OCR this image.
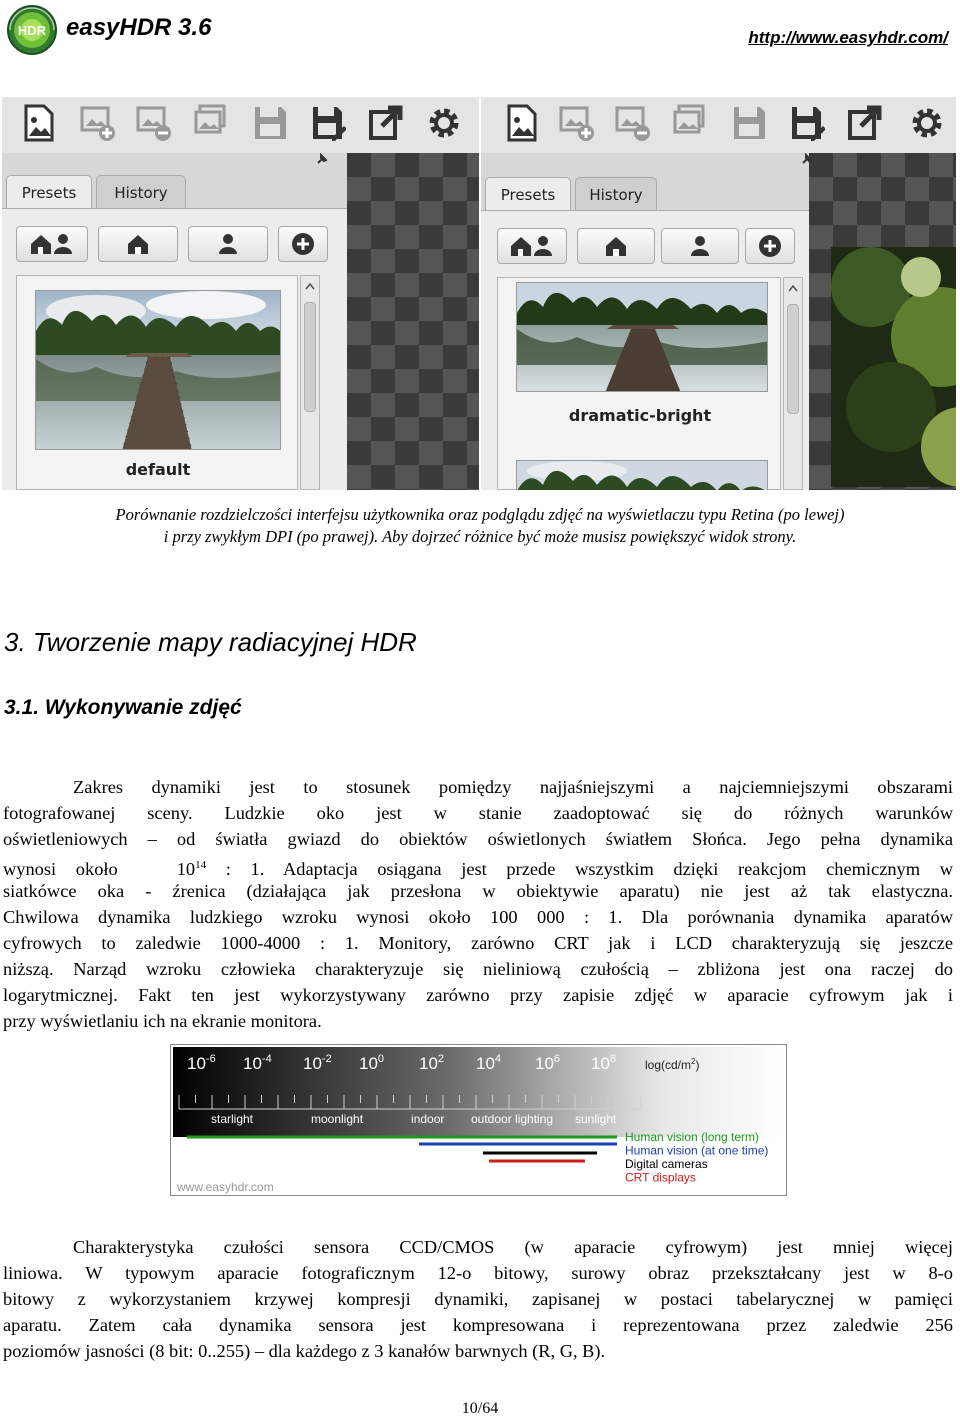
HDR easyHDR 3.6	http://www.easyhdr.com/
Presets	History
default
Presets	History
dramatic-bright
Porównanie rozdzielczości interfejsu użytkownika oraz podglądu zdjęć na wyświetlaczu typu Retina (po lewej)
i przy zwykłym DPI (po prawej). Aby dojrzeć różnice być może musisz powiększyć widok strony.
3. Tworzenie mapy radiacyjnej HDR
3.1. Wykonywanie zdjęć
Zakres dynamiki jest to stosunek pomiędzy najjaśniejszymi a najciemniejszymi obszarami
fotografowanej sceny. Ludzkie oko jest w stanie zaadoptować się do różnych warunków
oświetleniowych – od światła gwiazd do obiektów oświetlonych światłem Słońca. Jego pełna dynamika
wynosi około	$10^{14}$ : 1. Adaptacja osiągana jest przede wszystkim dzięki reakcjom chemicznym w
siatkówce oka - źrenica (działająca jak przesłona w obiektywie aparatu) nie jest aż tak elastyczna.
Chwilowa dynamika ludzkiego wzroku wynosi około 100 000 : 1. Dla porównania dynamika aparatów
cyfrowych to zaledwie 1000-4000 : 1. Monitory, zarówno CRT jak i LCD charakteryzują się jeszcze
niższą. Narząd wzroku człowieka charakteryzuje się nieliniową czułością – zbliżona jest ona raczej do
logarytmicznej. Fakt ten jest wykorzystywany zarówno przy zapisie zdjęć w aparacie cyfrowym jak i
przy wyświetlaniu ich na ekranie monitora.
$10^{-6}$ $10^{-4}$ $10^{-2}$ $10^0$ $10^2$ $10^4$ $10^6$ $10^8$ $\log(cd/m^2)$
starlight	moonlight	indoor outdoor lighting sunlight
Human vision (long term)
Human vision (at one time)
Digital cameras
CRT displays
www.easyhdr.com
Charakterystyka czułości sensora CCD/CMOS (w aparacie cyfrowym) jest mniej więcej
liniowa. W typowym aparacie fotograficznym 12-o bitowy, surowy obraz przekształcany jest w 8-o
bitowy z wykorzystaniem krzywej kompresji dynamiki, zapisanej w postaci tabelarycznej w pamięci
aparatu. Zatem cała dynamika sensora jest kompresowana i reprezentowana przez zaledwie 256
poziomów jasności (8 bit: 0..255) – dla każdego z 3 kanałów barwnych (R, G, B).
10/64
